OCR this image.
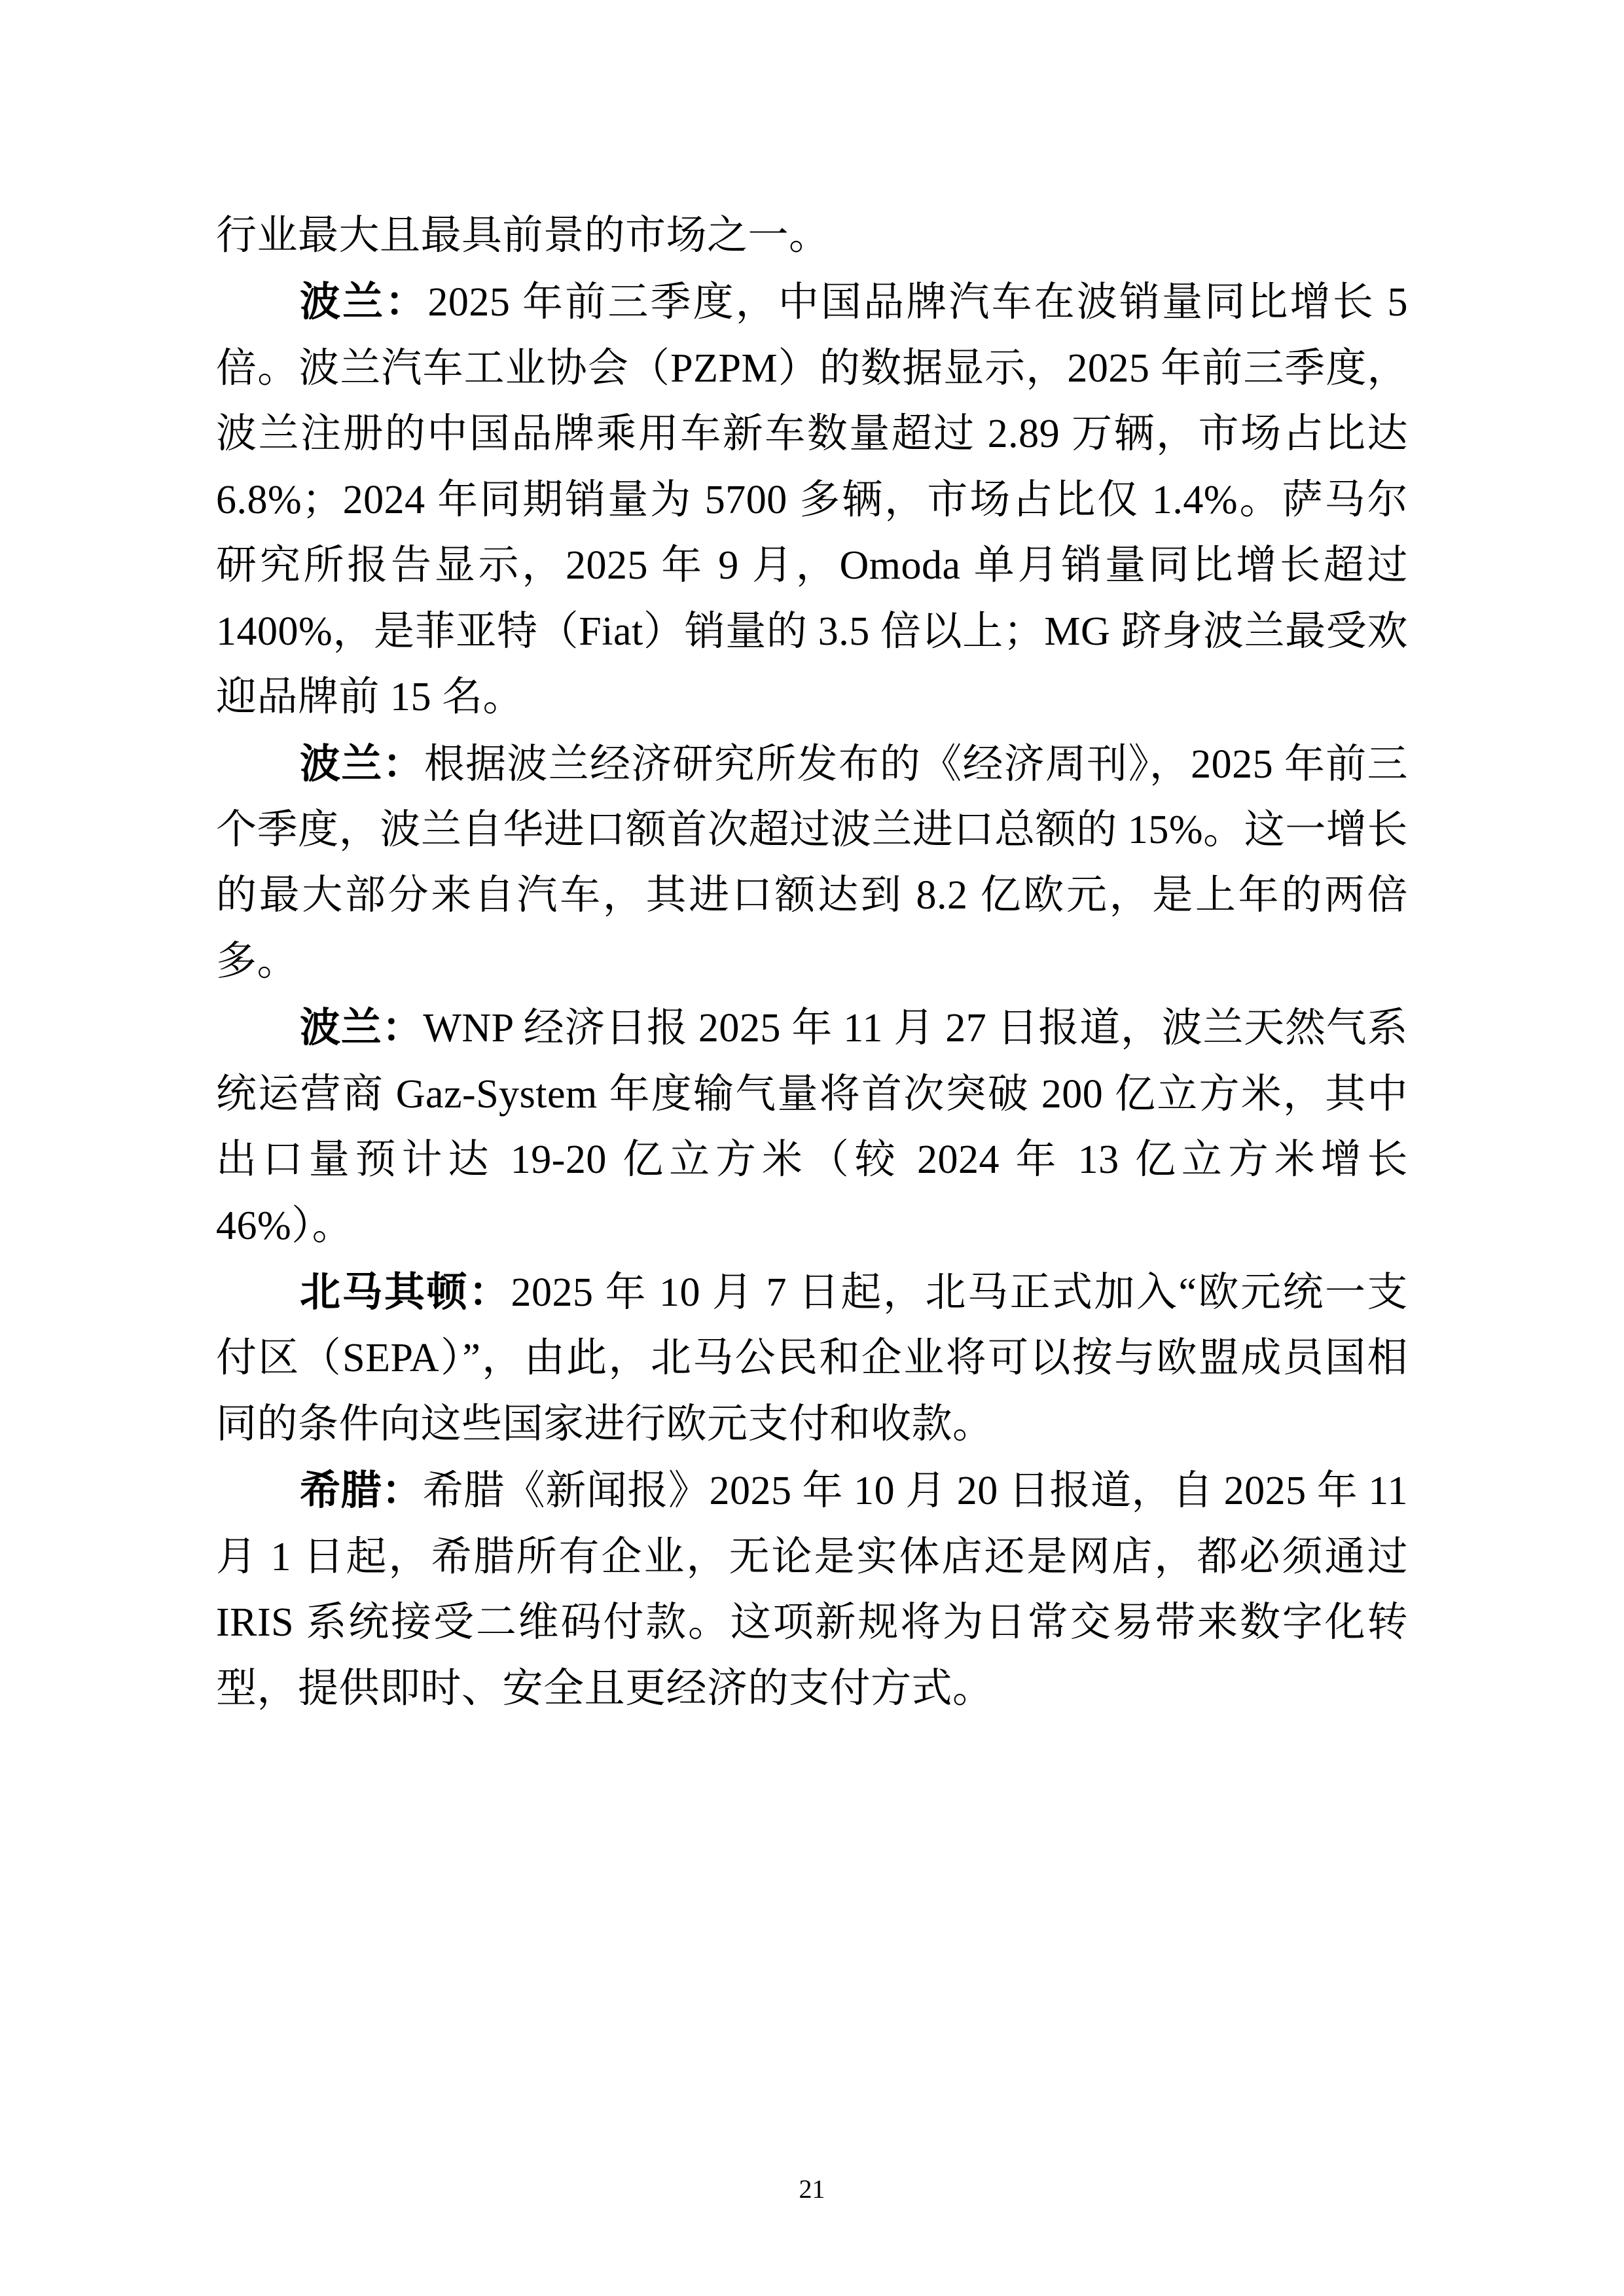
行业最大且最具前景的市场之一。

波兰：2025 年前三季度，中国品牌汽车在波销量同比增长 5 倍。波兰汽车工业协会（PZPM）的数据显示，2025 年前三季度，波兰注册的中国品牌乘用车新车数量超过 2.89 万辆，市场占比达 6.8%；2024 年同期销量为 5700 多辆，市场占比仅 1.4%。萨马尔研究所报告显示，2025 年 9 月，Omoda 单月销量同比增长超过 1400%，是菲亚特（Fiat）销量的 3.5 倍以上；MG 跻身波兰最受欢迎品牌前 15 名。

波兰：根据波兰经济研究所发布的《经济周刊》，2025 年前三个季度，波兰自华进口额首次超过波兰进口总额的 15%。这一增长的最大部分来自汽车，其进口额达到 8.2 亿欧元，是上年的两倍多。

波兰：WNP 经济日报 2025 年 11 月 27 日报道，波兰天然气系统运营商 Gaz-System 年度输气量将首次突破 200 亿立方米，其中出口量预计达 19-20 亿立方米（较 2024 年 13 亿立方米增长 46%）。

北马其顿：2025 年 10 月 7 日起，北马正式加入“欧元统一支付区（SEPA）”，由此，北马公民和企业将可以按与欧盟成员国相同的条件向这些国家进行欧元支付和收款。

希腊：希腊《新闻报》2025 年 10 月 20 日报道，自 2025 年 11 月 1 日起，希腊所有企业，无论是实体店还是网店，都必须通过 IRIS 系统接受二维码付款。这项新规将为日常交易带来数字化转型，提供即时、安全且更经济的支付方式。

21
